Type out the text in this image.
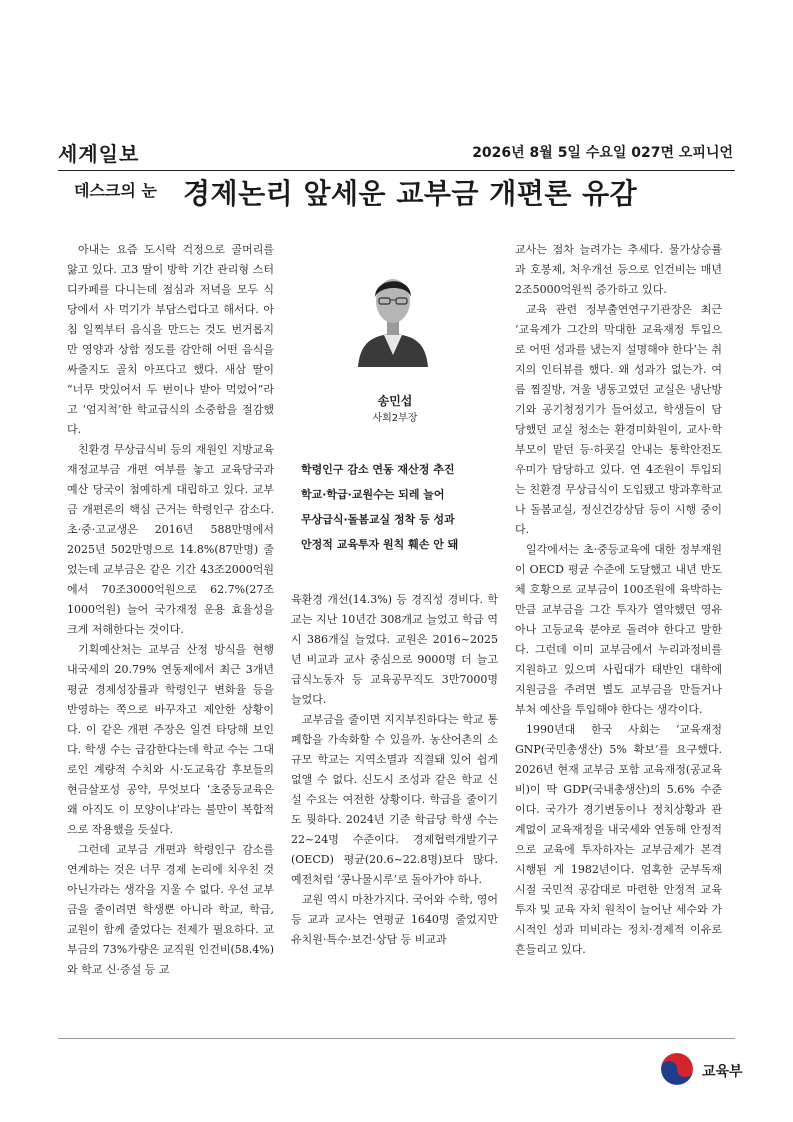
세계일보	2026년 8월 5일 수요일 027면 오피니언
데스크의 눈 경제논리 앞세운 교부금 개편론 유감

아내는 요즘 도시락 걱정으로 골머리를 앓고 있다. 고3 딸이 방학 기간 관리형 스터디카페를 다니는데 점심과 저녁을 모두 식당에서 사 먹기가 부담스럽다고 해서다. 아침 일찍부터 음식을 만드는 것도 번거롭지만 영양과 상함 정도를 감안해 어떤 음식을 싸줄지도 골치 아프다고 했다. 새삼 딸이 “너무 맛있어서 두 번이나 받아 먹었어”라고 ‘엄지척’한 학교급식의 소중함을 절감했다.

친환경 무상급식비 등의 재원인 지방교육재정교부금 개편 여부를 놓고 교육당국과 예산 당국이 첨예하게 대립하고 있다. 교부금 개편론의 핵심 근거는 학령인구 감소다. 초·중·고교생은 2016년 588만명에서 2025년 502만명으로 14.8%(87만명) 줄었는데 교부금은 같은 기간 43조2000억원에서 70조3000억원으로 62.7%(27조1000억원) 늘어 국가재정 운용 효율성을 크게 저해한다는 것이다.

기획예산처는 교부금 산정 방식을 현행 내국세의 20.79% 연동제에서 최근 3개년 평균 경제성장률과 학령인구 변화율 등을 반영하는 쪽으로 바꾸자고 제안한 상황이다. 이 같은 개편 주장은 일견 타당해 보인다. 학생 수는 급감한다는데 학교 수는 그대로인 계량적 수치와 시·도교육감 후보들의 현금살포성 공약, 무엇보다 ‘초중등교육은 왜 아직도 이 모양이냐’라는 불만이 복합적으로 작용했을 듯싶다.

그런데 교부금 개편과 학령인구 감소를 연계하는 것은 너무 경제 논리에 치우친 것 아닌가라는 생각을 지울 수 없다. 우선 교부금을 줄이려면 학생뿐 아니라 학교, 학급, 교원이 함께 줄었다는 전제가 필요하다. 교부금의 73%가량은 교직원 인건비(58.4%)와 학교 신·증설 등 교

송민섭
사회2부장
학령인구 감소 연동 재산정 추진
학교·학급·교원수는 되레 늘어
무상급식·돌봄교실 정착 등 성과
안정적 교육투자 원칙 훼손 안 돼

육환경 개선(14.3%) 등 경직성 경비다. 학교는 지난 10년간 308개교 늘었고 학급 역시 386개실 늘었다. 교원은 2016~2025년 비교과 교사 중심으로 9000명 더 늘고 급식노동자 등 교육공무직도 3만7000명 늘었다.

교부금을 줄이면 지지부진하다는 학교 통폐합을 가속화할 수 있을까. 농산어촌의 소규모 학교는 지역소멸과 직결돼 있어 쉽게 없앨 수 없다. 신도시 조성과 같은 학교 신설 수요는 여전한 상황이다. 학급을 줄이기도 뭣하다. 2024년 기준 학급당 학생 수는 22~24명 수준이다. 경제협력개발기구(OECD) 평균(20.6~22.8명)보다 많다. 예전처럼 ‘콩나물시루’로 돌아가야 하나.

교원 역시 마찬가지다. 국어와 수학, 영어 등 교과 교사는 연평균 1640명 줄었지만 유치원·특수·보건·상담 등 비교과

교사는 점차 늘려가는 추세다. 물가상승률과 호봉제, 처우개선 등으로 인건비는 매년 2조5000억원씩 증가하고 있다.

교육 관련 정부출연연구기관장은 최근 ‘교육계가 그간의 막대한 교육재정 투입으로 어떤 성과를 냈는지 설명해야 한다’는 취지의 인터뷰를 했다. 왜 성과가 없는가. 여름 찜질방, 겨울 냉동고였던 교실은 냉난방기와 공기청정기가 들어섰고, 학생들이 담당했던 교실 청소는 환경미화원이, 교사·학부모이 맡던 등·하굣길 안내는 통학안전도우미가 담당하고 있다. 연 4조원이 투입되는 친환경 무상급식이 도입됐고 방과후학교나 돌봄교실, 정신건강상담 등이 시행 중이다.

일각에서는 초·중등교육에 대한 정부재원이 OECD 평균 수준에 도달했고 내년 반도체 호황으로 교부금이 100조원에 육박하는 만큼 교부금을 그간 투자가 열악했던 영유아나 고등교육 분야로 돌려야 한다고 말한다. 그런데 이미 교부금에서 누리과정비를 지원하고 있으며 사립대가 태반인 대학에 지원금을 주려면 별도 교부금을 만들거나 부처 예산을 투입해야 한다는 생각이다.

1990년대 한국 사회는 ‘교육재정 GNP(국민총생산) 5% 확보’를 요구했다. 2026년 현재 교부금 포함 교육재정(공교육비)이 딱 GDP(국내총생산)의 5.6% 수준이다. 국가가 경기변동이나 정치상황과 관계없이 교육재정을 내국세와 연동해 안정적으로 교육에 투자하자는 교부금제가 본격 시행된 게 1982년이다. 엄혹한 군부독재 시절 국민적 공감대로 마련한 안정적 교육 투자 및 교육 자치 원칙이 늘어난 세수와 가시적인 성과 미비라는 정치·경제적 이유로 흔들리고 있다.

교육부
